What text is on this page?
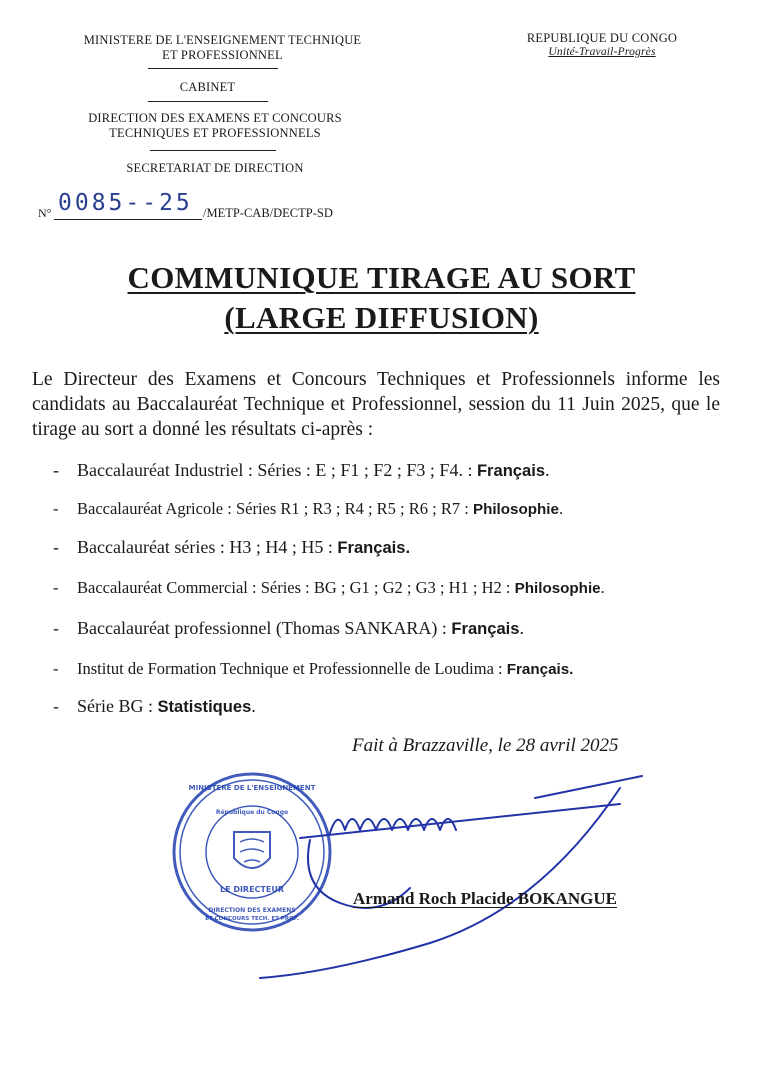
MINISTERE DE L'ENSEIGNEMENT TECHNIQUE
ET PROFESSIONNEL
CABINET
DIRECTION DES EXAMENS ET CONCOURS
TECHNIQUES ET PROFESSIONNELS
SECRETARIAT DE DIRECTION
N° 0085--25 /METP-CAB/DECTP-SD
REPUBLIQUE DU CONGO
Unité-Travail-Progrès
COMMUNIQUE TIRAGE AU SORT
(LARGE DIFFUSION)
Le Directeur des Examens et Concours Techniques et Professionnels informe les candidats au Baccalauréat Technique et Professionnel, session du 11 Juin 2025, que le tirage au sort a donné les résultats ci-après :
- Baccalauréat Industriel : Séries : E ; F1 ; F2 ; F3 ; F4. : Français.
- Baccalauréat Agricole : Séries R1 ; R3 ; R4 ; R5 ; R6 ; R7 : Philosophie.
- Baccalauréat séries : H3 ; H4 ; H5 : Français.
- Baccalauréat Commercial : Séries : BG ; G1 ; G2 ; G3 ; H1 ; H2 : Philosophie.
- Baccalauréat professionnel (Thomas SANKARA) : Français.
- Institut de Formation Technique et Professionnelle de Loudima : Français.
- Série BG : Statistiques.
Fait à Brazzaville, le 28 avril 2025
MINISTERE DE L'ENSEIGNEMENT
République du Congo
LE DIRECTEUR
DIRECTION DES EXAMENS
ET CONCOURS TECH. ET PROF.
Armand Roch Placide BOKANGUE
